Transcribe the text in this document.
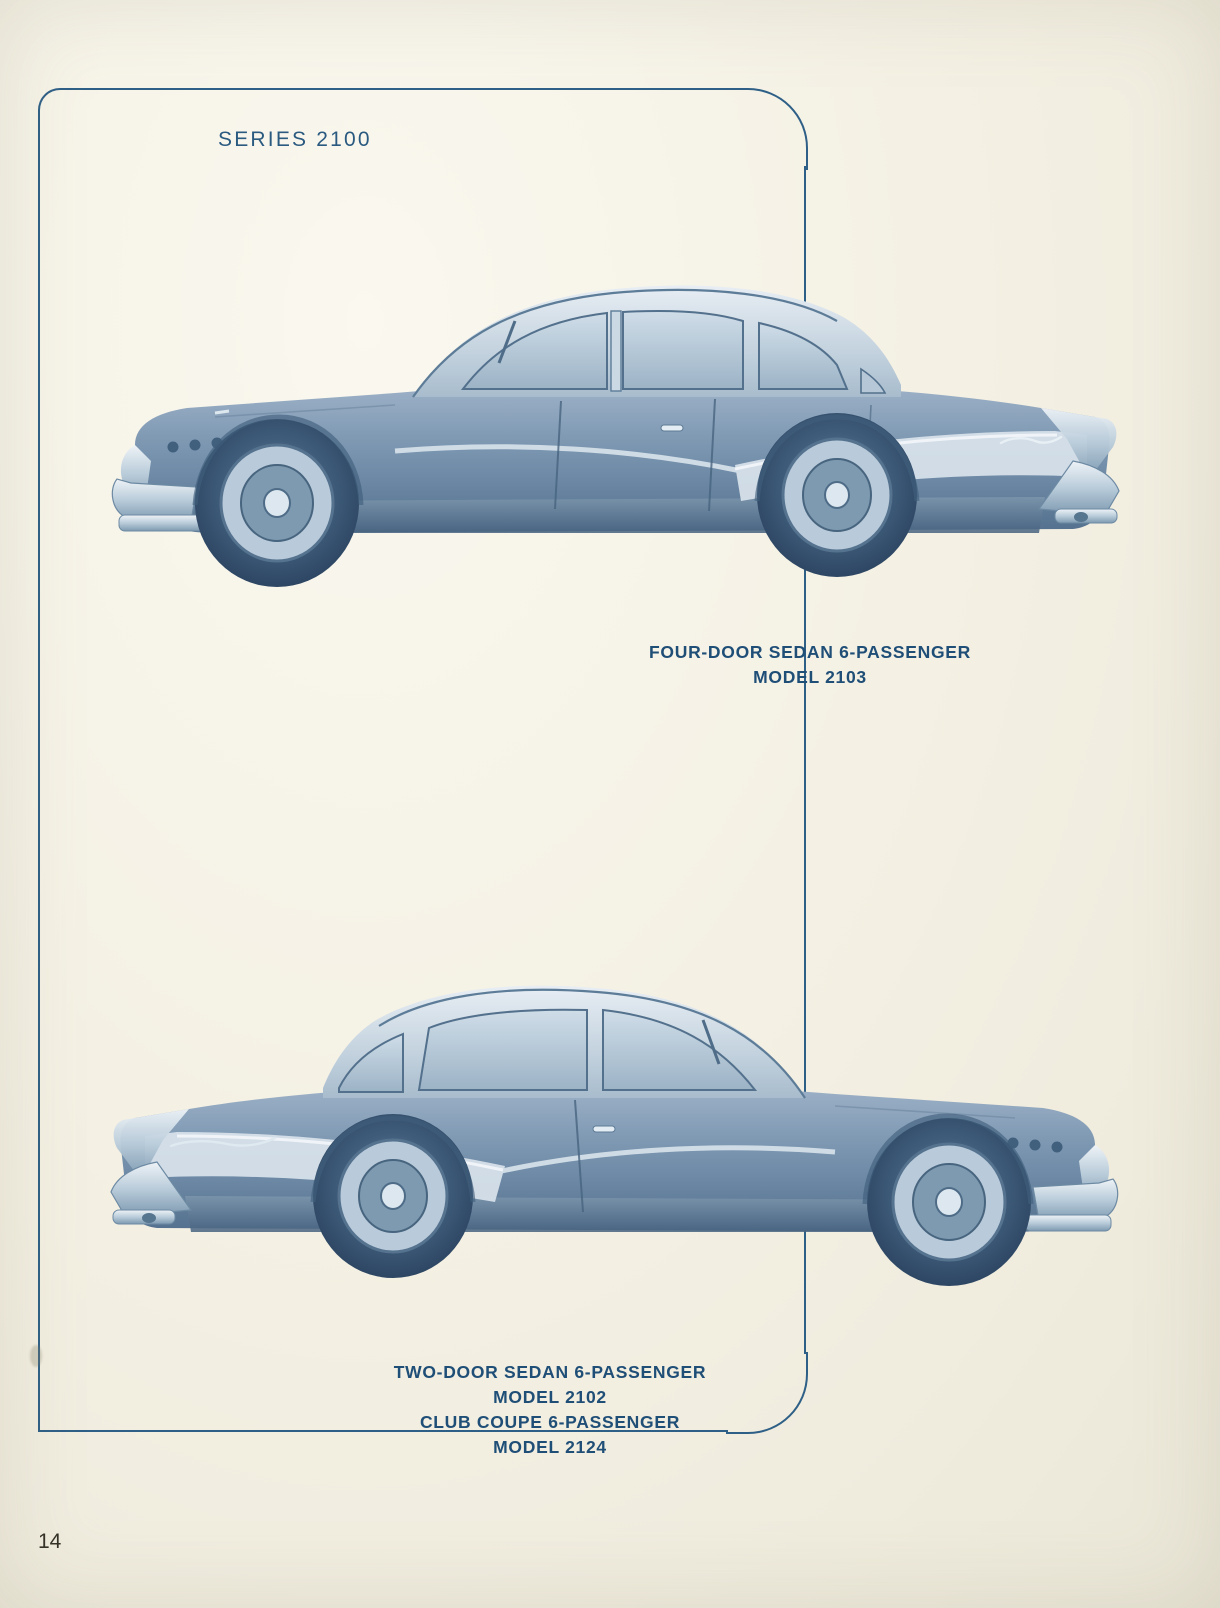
SERIES 2100
FOUR-DOOR SEDAN 6-PASSENGER
MODEL 2103
TWO-DOOR SEDAN 6-PASSENGER
MODEL 2102
CLUB COUPE 6-PASSENGER
MODEL 2124
14
